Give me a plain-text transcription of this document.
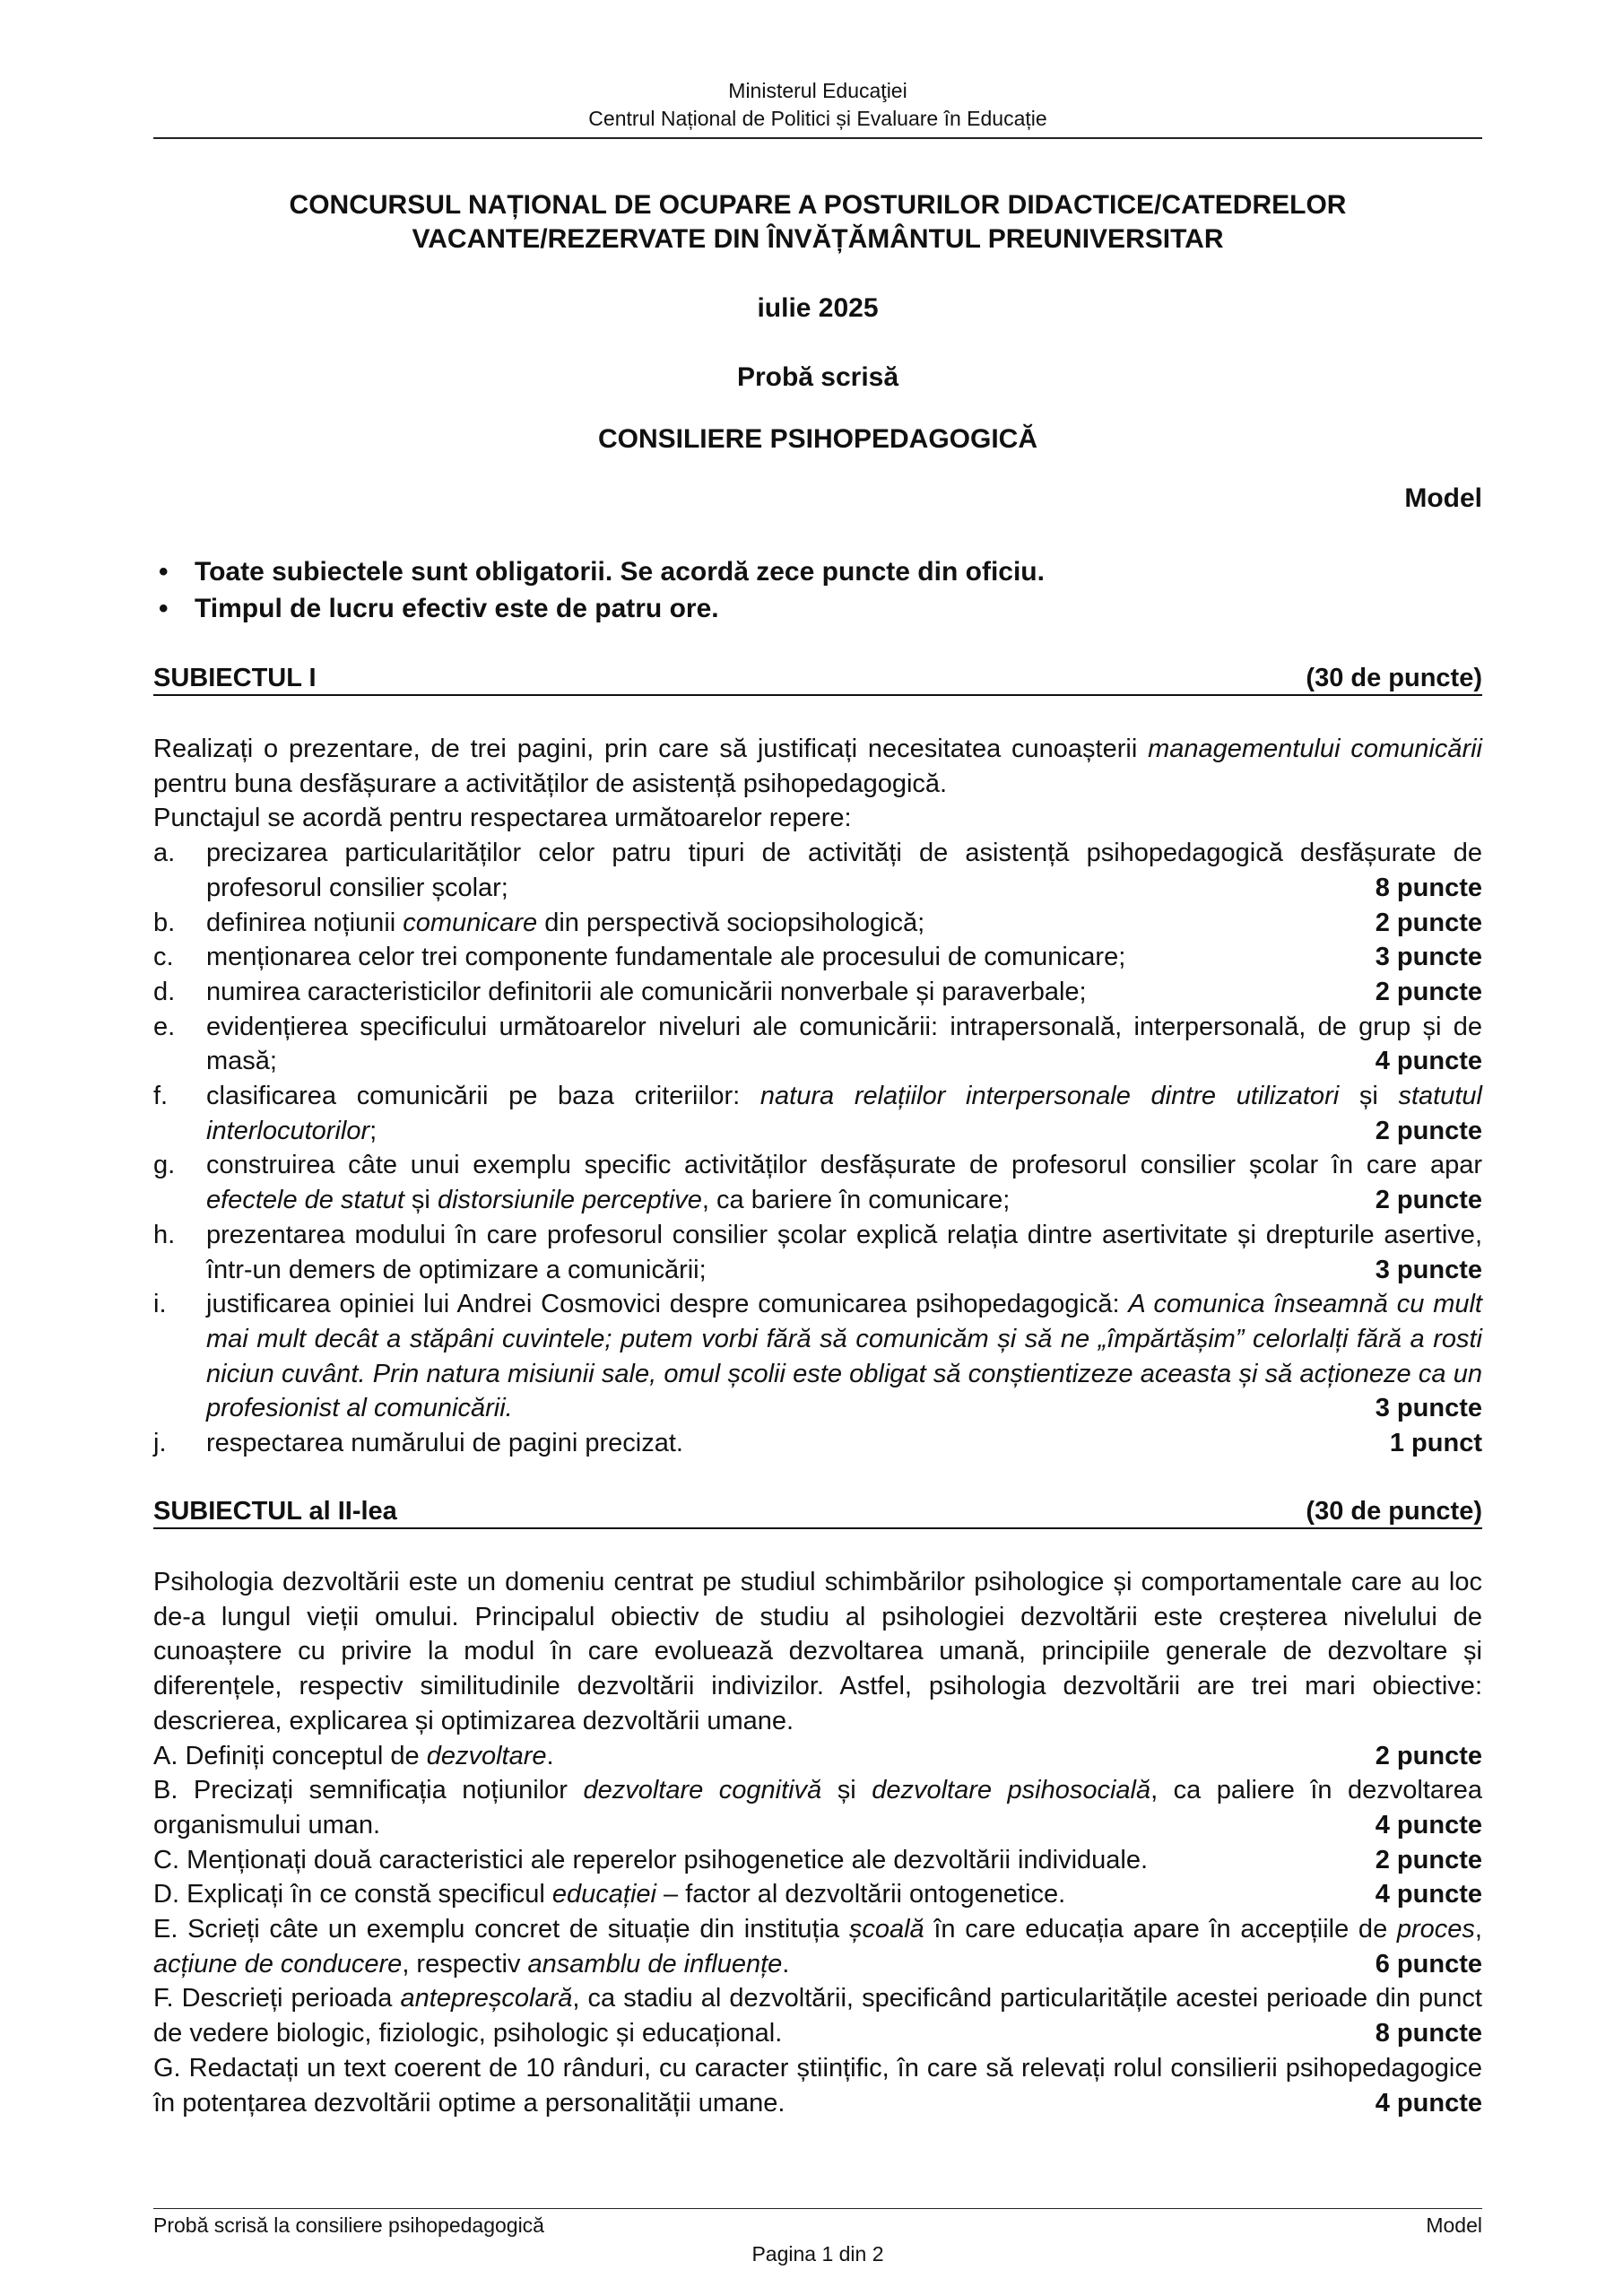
Ministerul Educaţiei
Centrul Național de Politici și Evaluare în Educație
CONCURSUL NAȚIONAL DE OCUPARE A POSTURILOR DIDACTICE/CATEDRELOR
VACANTE/REZERVATE DIN ÎNVĂȚĂMÂNTUL PREUNIVERSITAR
iulie 2025
Probă scrisă
CONSILIERE PSIHOPEDAGOGICĂ
Model
• Toate subiectele sunt obligatorii. Se acordă zece puncte din oficiu.
• Timpul de lucru efectiv este de patru ore.
SUBIECTUL I	(30 de puncte)
Realizați o prezentare, de trei pagini, prin care să justificați necesitatea cunoașterii managementului comunicării pentru buna desfășurare a activităților de asistență psihopedagogică.
Punctajul se acordă pentru respectarea următoarelor repere:
a. precizarea particularităților celor patru tipuri de activități de asistență psihopedagogică desfășurate de profesorul consilier școlar;	8 puncte
b. definirea noțiunii comunicare din perspectivă sociopsihologică;	2 puncte
c. menționarea celor trei componente fundamentale ale procesului de comunicare;	3 puncte
d. numirea caracteristicilor definitorii ale comunicării nonverbale și paraverbale;	2 puncte
e. evidențierea specificului următoarelor niveluri ale comunicării: intrapersonală, interpersonală, de grup și de masă;	4 puncte
f. clasificarea comunicării pe baza criteriilor: natura relațiilor interpersonale dintre utilizatori și statutul interlocutorilor;	2 puncte
g. construirea câte unui exemplu specific activităților desfășurate de profesorul consilier școlar în care apar efectele de statut și distorsiunile perceptive, ca bariere în comunicare;	2 puncte
h. prezentarea modului în care profesorul consilier școlar explică relația dintre asertivitate și drepturile asertive, într-un demers de optimizare a comunicării;	3 puncte
i. justificarea opiniei lui Andrei Cosmovici despre comunicarea psihopedagogică: A comunica înseamnă cu mult mai mult decât a stăpâni cuvintele; putem vorbi fără să comunicăm și să ne „împărtășim” celorlalți fără a rosti niciun cuvânt. Prin natura misiunii sale, omul școlii este obligat să conștientizeze aceasta și să acționeze ca un profesionist al comunicării.	3 puncte
j. respectarea numărului de pagini precizat.	1 punct
SUBIECTUL al II-lea	(30 de puncte)
Psihologia dezvoltării este un domeniu centrat pe studiul schimbărilor psihologice și comportamentale care au loc de-a lungul vieții omului. Principalul obiectiv de studiu al psihologiei dezvoltării este creșterea nivelului de cunoaștere cu privire la modul în care evoluează dezvoltarea umană, principiile generale de dezvoltare și diferențele, respectiv similitudinile dezvoltării indivizilor. Astfel, psihologia dezvoltării are trei mari obiective: descrierea, explicarea și optimizarea dezvoltării umane.
A. Definiți conceptul de dezvoltare.	2 puncte
B. Precizați semnificația noțiunilor dezvoltare cognitivă și dezvoltare psihosocială, ca paliere în dezvoltarea organismului uman.	4 puncte
C. Menționați două caracteristici ale reperelor psihogenetice ale dezvoltării individuale.	2 puncte
D. Explicați în ce constă specificul educației – factor al dezvoltării ontogenetice.	4 puncte
E. Scrieți câte un exemplu concret de situație din instituția școală în care educația apare în accepțiile de proces, acțiune de conducere, respectiv ansamblu de influențe.	6 puncte
F. Descrieți perioada antepreșcolară, ca stadiu al dezvoltării, specificând particularitățile acestei perioade din punct de vedere biologic, fiziologic, psihologic și educațional.	8 puncte
G. Redactați un text coerent de 10 rânduri, cu caracter științific, în care să relevați rolul consilierii psihopedagogice în potențarea dezvoltării optime a personalității umane.	4 puncte
Probă scrisă la consiliere psihopedagogică	Model
Pagina 1 din 2
